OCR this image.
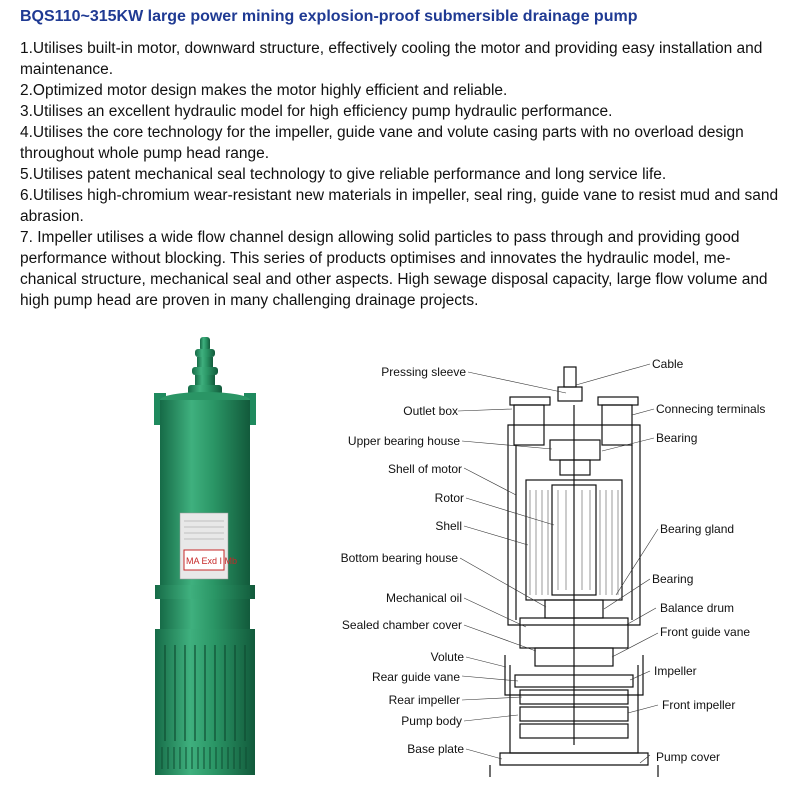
BQS110~315KW large power mining explosion-proof submersible drainage pump
1.Utilises built-in motor, downward structure, effectively cooling the motor and providing easy installation and maintenance.
2.Optimized motor design makes the motor highly efficient and reliable.
3.Utilises an excellent hydraulic model for high efficiency pump hydraulic performance.
4.Utilises the core technology for the impeller, guide vane and volute casing parts with no overload design throughout whole pump head range.
5.Utilises patent mechanical seal technology to give reliable performance and long service life.
6.Utilises high-chromium wear-resistant new materials in impeller, seal ring, guide vane to resist mud and sand abrasion.
7. Impeller utilises a wide flow channel design allowing solid particles to pass through and providing good performance without blocking. This series of products optimises and innovates the hydraulic model, me-chanical structure, mechanical seal and other aspects. High sewage disposal capacity, large flow volume and high pump head are proven in many challenging drainage projects.
MA Exd I Mb
Pressing sleeve
Outlet box
Upper bearing house
Shell of motor
Rotor
Shell
Bottom bearing house
Mechanical oil
Sealed chamber cover
Volute
Rear guide vane
Rear impeller
Pump body
Base plate
Cable
Connecing terminals
Bearing
Bearing gland
Bearing
Balance drum
Front guide vane
Impeller
Front impeller
Pump cover
